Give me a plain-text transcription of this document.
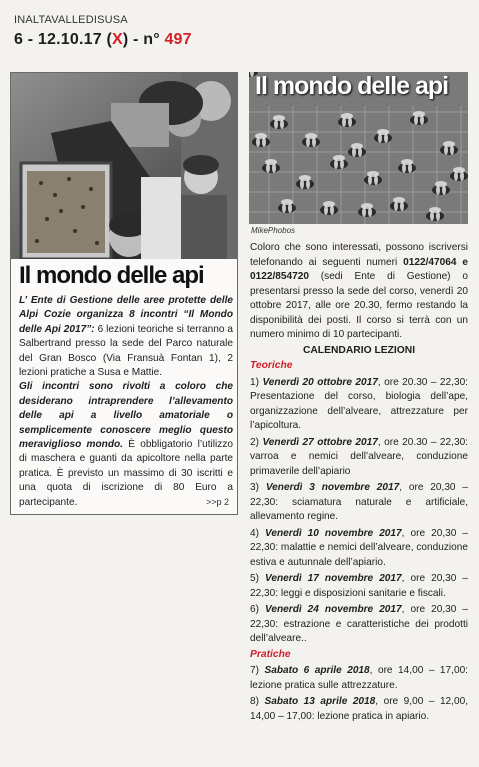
INALTAVALLEDISUSA
6 - 12.10.17 (X) - n° 497
Il mondo delle api

L’ Ente di Gestione delle aree protette delle Alpi Cozie organizza 8 incontri “Il Mondo delle Api 2017”: 6 lezioni teoriche si terranno a Salbertrand presso la sede del Parco naturale del Gran Bosco (Via Fransuà Fontan 1), 2 lezioni pratiche a Susa e Mattie.

Gli incontri sono rivolti a coloro che desiderano intraprendere l’allevamento delle api a livello amatoriale o semplicemente conoscere meglio questo meraviglioso mondo. È obbligatorio l’utilizzo di maschera e guanti da apicoltore nella parte pratica. È previsto un massimo di 30 iscritti e una quota di iscrizione di 80 Euro a partecipante.	>>p 2
Il mondo delle api
MikePhobos

Coloro che sono interessati, possono iscriversi telefonando ai seguenti numeri 0122/47064 e 0122/854720 (sedi Ente di Gestione) o presentarsi presso la sede del corso, venerdì 20 ottobre 2017, alle ore 20.30, fermo restando la disponibilità dei posti. Il corso si terrà con un numero minimo di 10 partecipanti.

CALENDARIO LEZIONI
Teoriche
1) Venerdì 20 ottobre 2017, ore 20.30 – 22,30: Presentazione del corso, biologia dell’ape, organizzazione dell’alveare, attrezzature per l’apicoltura.
2) Venerdì 27 ottobre 2017, ore 20.30 – 22,30: varroa e nemici dell’alveare, conduzione primaverile dell’apiario
3) Venerdì 3 novembre 2017, ore 20,30 – 22,30: sciamatura naturale e artificiale, allevamento regine.
4) Venerdì 10 novembre 2017, ore 20,30 – 22,30: malattie e nemici dell’alveare, conduzione estiva e autunnale dell’apiario.
5) Venerdì 17 novembre 2017, ore 20,30 – 22,30: leggi e disposizioni sanitarie e fiscali.
6) Venerdì 24 novembre 2017, ore 20,30 – 22,30: estrazione e caratteristiche dei prodotti dell’alveare..
Pratiche
7) Sabato 6 aprile 2018, ore 14,00 – 17,00: lezione pratica sulle attrezzature.
8) Sabato 13 aprile 2018, ore 9,00 – 12,00, 14,00 – 17,00: lezione pratica in apiario.
